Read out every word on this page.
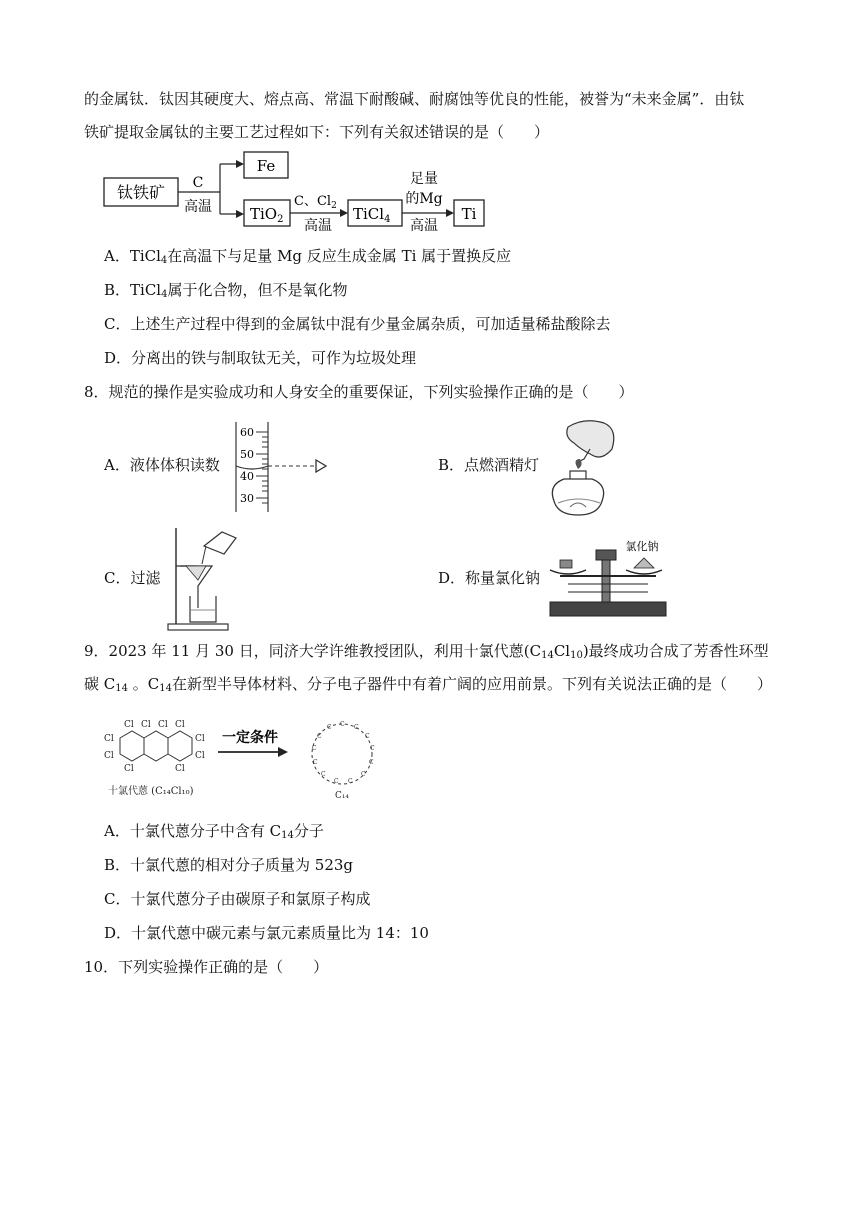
的金属钛．钛因其硬度大、熔点高、常温下耐酸碱、耐腐蚀等优良的性能，被誉为“未来金属”．由钛
铁矿提取金属钛的主要工艺过程如下：下列有关叙述错误的是（　　）
钛铁矿 C
高温
Fe
TiO$_2$
C、$Cl_2$
高温
TiCl$_4$
足量
的Mg
高温
Ti
A．TiCl$_4$在高温下与足量 Mg 反应生成金属 Ti 属于置换反应
B．TiCl$_4$属于化合物，但不是氧化物
C．上述生产过程中得到的金属钛中混有少量金属杂质，可加适量稀盐酸除去
D．分离出的铁与制取钛无关，可作为垃圾处理
8．规范的操作是实验成功和人身安全的重要保证，下列实验操作正确的是（　　）
A．液体体积读数
60
50
40
30
B．点燃酒精灯
C．过滤	D．称量氯化钠
氯化钠
9．2023 年 11 月 30 日，同济大学许维教授团队，利用十氯代蒽$(C_{14}Cl_{10})$最终成功合成了芳香性环型
碳 $C_{14}$ 。$C_{14}$在新型半导体材料、分子电子器件中有着广阔的应用前景。下列有关说法正确的是（　　）
Cl Cl Cl Cl
Cl
Cl
Cl
Cl
Cl	Cl
十氯代蒽 (C₁₄Cl₁₀)
一定条件
C C
C
C
C
C
C
C
C
C
C
C
C
C₁₄
A．十氯代蒽分子中含有 $C_{14}$分子
B．十氯代蒽的相对分子质量为 523g
C．十氯代蒽分子由碳原子和氯原子构成
D．十氯代蒽中碳元素与氯元素质量比为 14：10
10．下列实验操作正确的是（　　）
